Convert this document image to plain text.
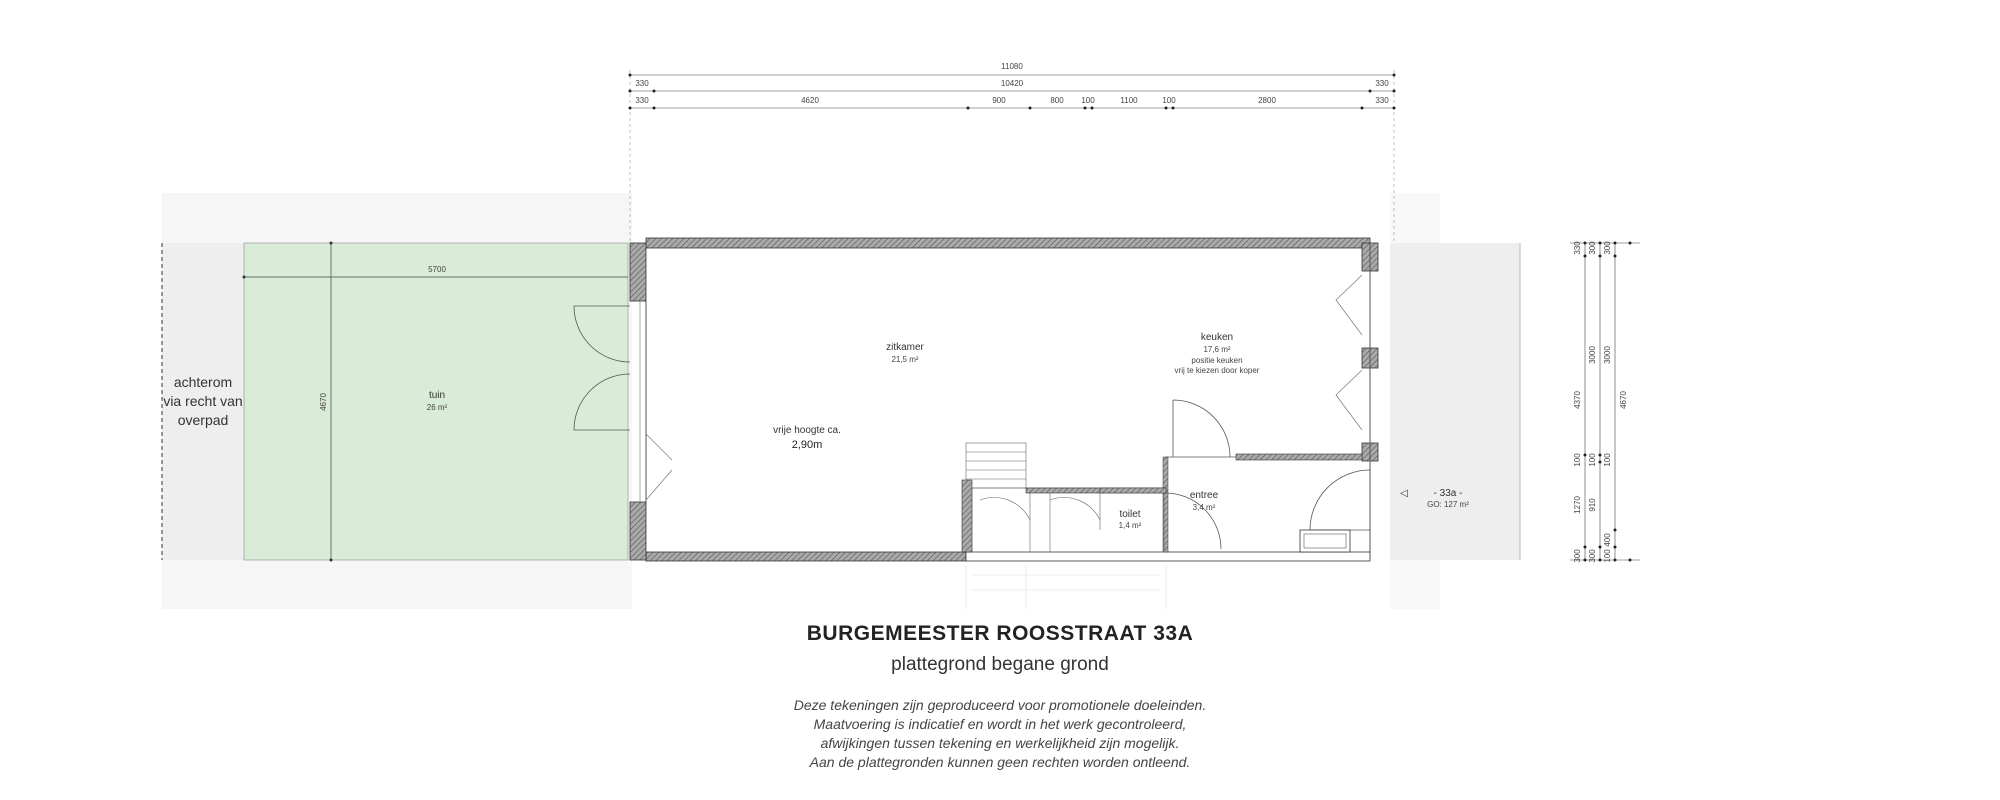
11080
330	10420	330
330	4620	900	800 100	1100	100	2800	330
330
4370
100
1270
300
300
3000
100
910
300
3000
300
100
400
100
4670
5700
4670	tuin
26 m²
achterom
via recht van
overpad
zitkamer
21,5 m²
vrije hoogte ca.
2,90m
keuken
17,6 m²
positie keuken
vrij te kiezen door koper
entree
3,4 m²
toilet
1,4 m²
◁	- 33a -
GO: 127 m²
BURGEMEESTER ROOSSTRAAT 33A
plattegrond begane grond
Deze tekeningen zijn geproduceerd voor promotionele doeleinden.
Maatvoering is indicatief en wordt in het werk gecontroleerd,
afwijkingen tussen tekening en werkelijkheid zijn mogelijk.
Aan de plattegronden kunnen geen rechten worden ontleend.
